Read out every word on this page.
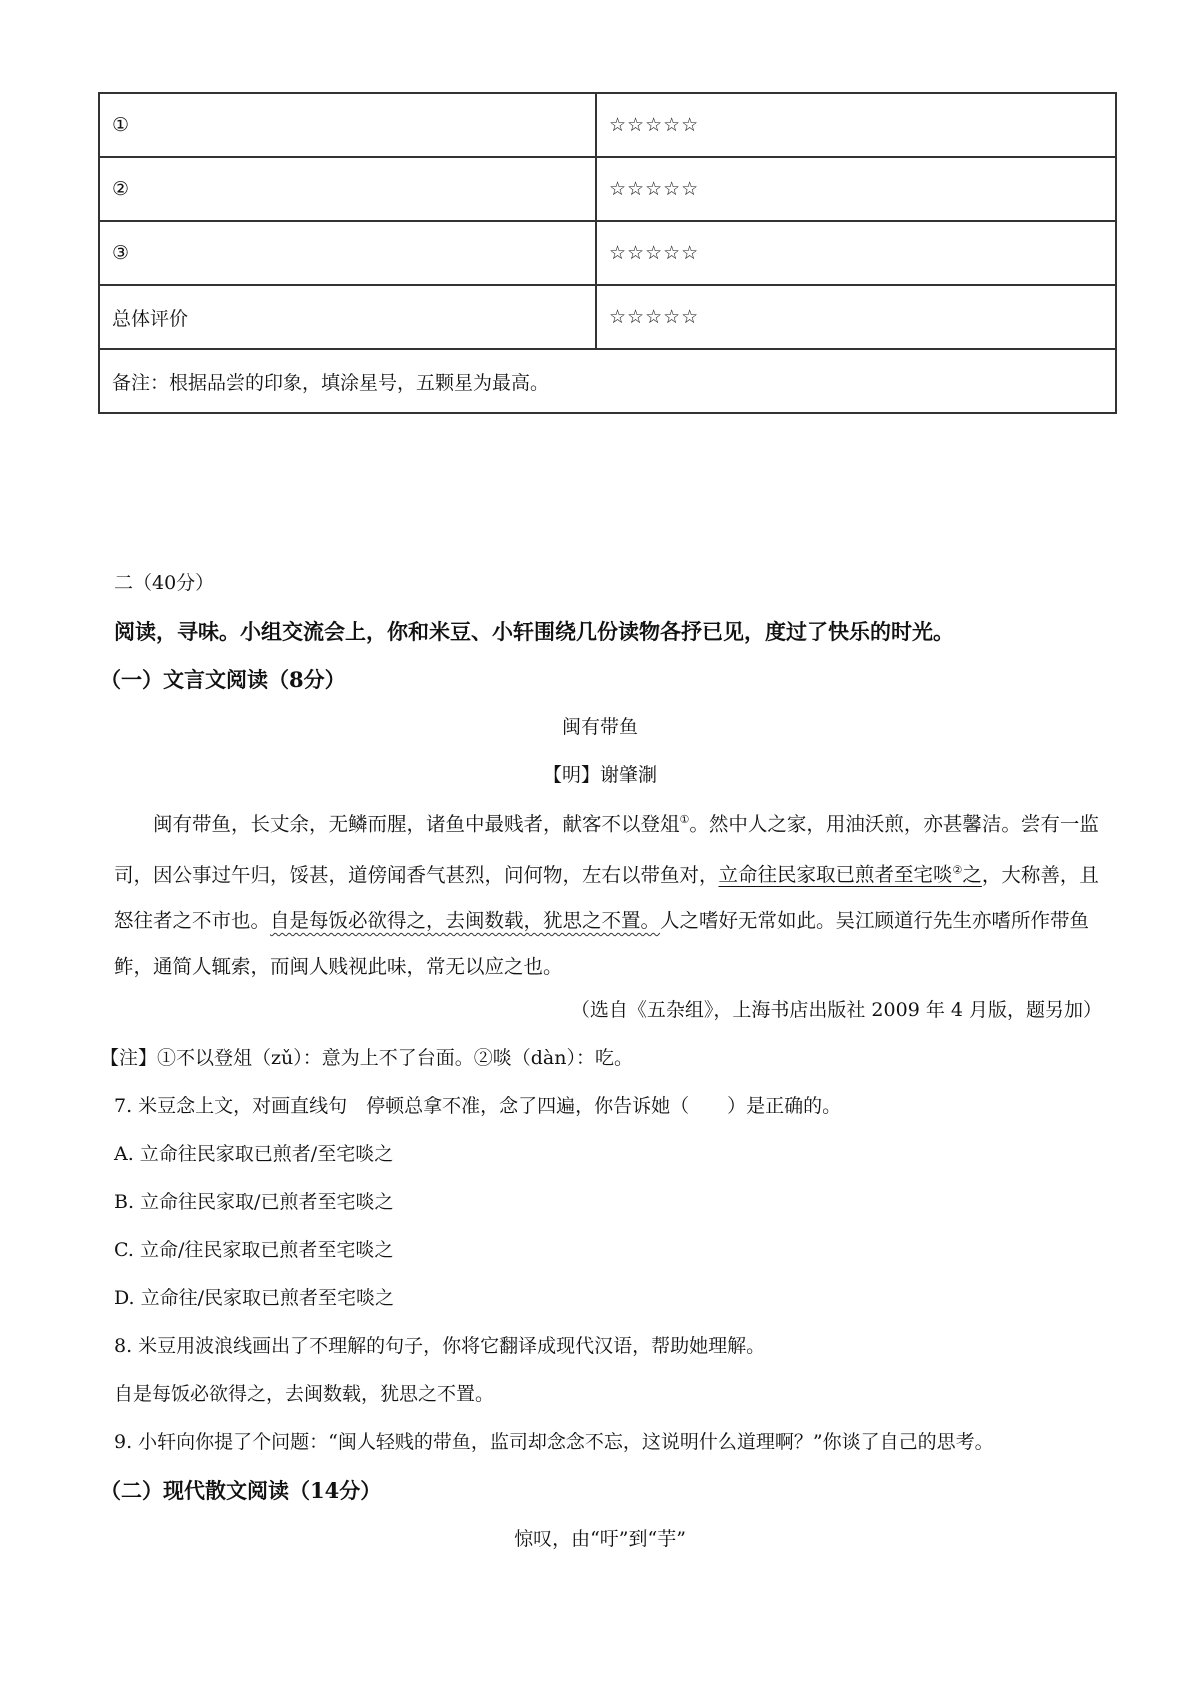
①	☆☆☆☆☆
②	☆☆☆☆☆
③	☆☆☆☆☆
总体评价	☆☆☆☆☆
备注：根据品尝的印象，填涂星号，五颗星为最高。	
二（40分）
阅读，寻味。小组交流会上，你和米豆、小轩围绕几份读物各抒已见，度过了快乐的时光。
（一）文言文阅读（8分）
闽有带鱼
【明】谢肇淛
闽有带鱼，长丈余，无鳞而腥，诸鱼中最贱者，献客不以登俎①。然中人之家，用油沃煎，亦甚馨洁。尝有一监司，因公事过午归，馁甚，道傍闻香气甚烈，问何物，左右以带鱼对，立命往民家取已煎者至宅啖②之，大称善，且怒往者之不市也。自是每饭必欲得之，去闽数载，犹思之不置。人之嗜好无常如此。吴江顾道行先生亦嗜所作带鱼鲊，通简人辄索，而闽人贱视此味，常无以应之也。
（选自《五杂组》，上海书店出版社 2009 年 4 月版，题另加）
【注】①不以登俎（zǔ）：意为上不了台面。②啖（dàn）：吃。
7. 米豆念上文，对画直线句　停顿总拿不准，念了四遍，你告诉她（　　）是正确的。
A. 立命往民家取已煎者/至宅啖之
B. 立命往民家取/已煎者至宅啖之
C. 立命/往民家取已煎者至宅啖之
D. 立命往/民家取已煎者至宅啖之
8. 米豆用波浪线画出了不理解的句子，你将它翻译成现代汉语，帮助她理解。
自是每饭必欲得之，去闽数载，犹思之不置。
9. 小轩向你提了个问题：“闽人轻贱的带鱼，监司却念念不忘，这说明什么道理啊？”你谈了自己的思考。
（二）现代散文阅读（14分）
惊叹，由“吁”到“芋”
